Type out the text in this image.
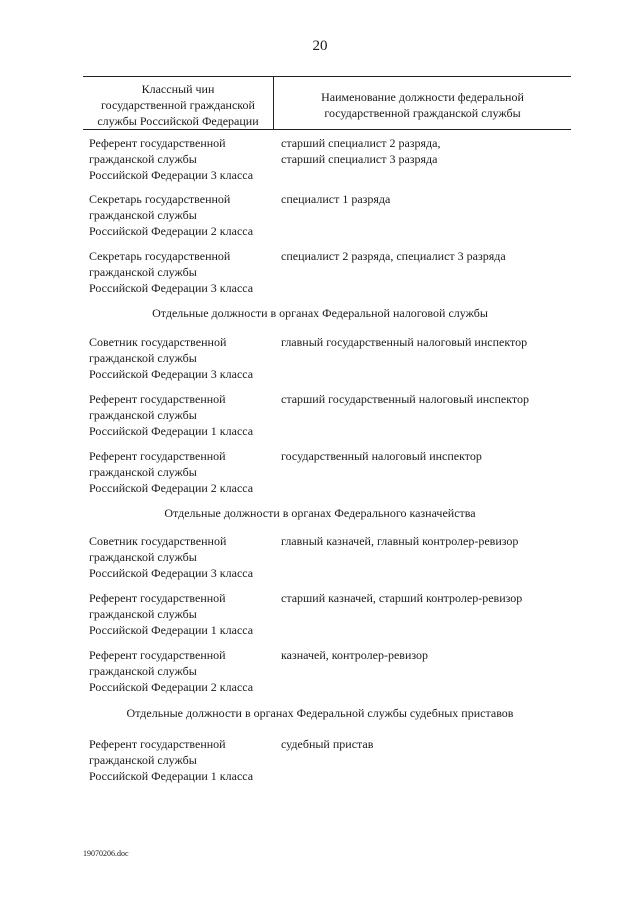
20
Классный чин
государственной гражданской
службы Российской Федерации
Наименование должности федеральной
государственной гражданской службы
Референт государственной
гражданской службы
Российской Федерации 3 класса
старший специалист 2 разряда,
старший специалист 3 разряда
Секретарь государственной
гражданской службы
Российской Федерации 2 класса
специалист 1 разряда
Секретарь государственной
гражданской службы
Российской Федерации 3 класса
специалист 2 разряда, специалист 3 разряда
Отдельные должности в органах Федеральной налоговой службы
Советник государственной
гражданской службы
Российской Федерации 3 класса
главный государственный налоговый инспектор
Референт государственной
гражданской службы
Российской Федерации 1 класса
старший государственный налоговый инспектор
Референт государственной
гражданской службы
Российской Федерации 2 класса
государственный налоговый инспектор
Отдельные должности в органах Федерального казначейства
Советник государственной
гражданской службы
Российской Федерации 3 класса
главный казначей, главный контролер-ревизор
Референт государственной
гражданской службы
Российской Федерации 1 класса
старший казначей, старший контролер-ревизор
Референт государственной
гражданской службы
Российской Федерации 2 класса
казначей, контролер-ревизор
Отдельные должности в органах Федеральной службы судебных приставов
Референт государственной
гражданской службы
Российской Федерации 1 класса
судебный пристав
19070206.doc
